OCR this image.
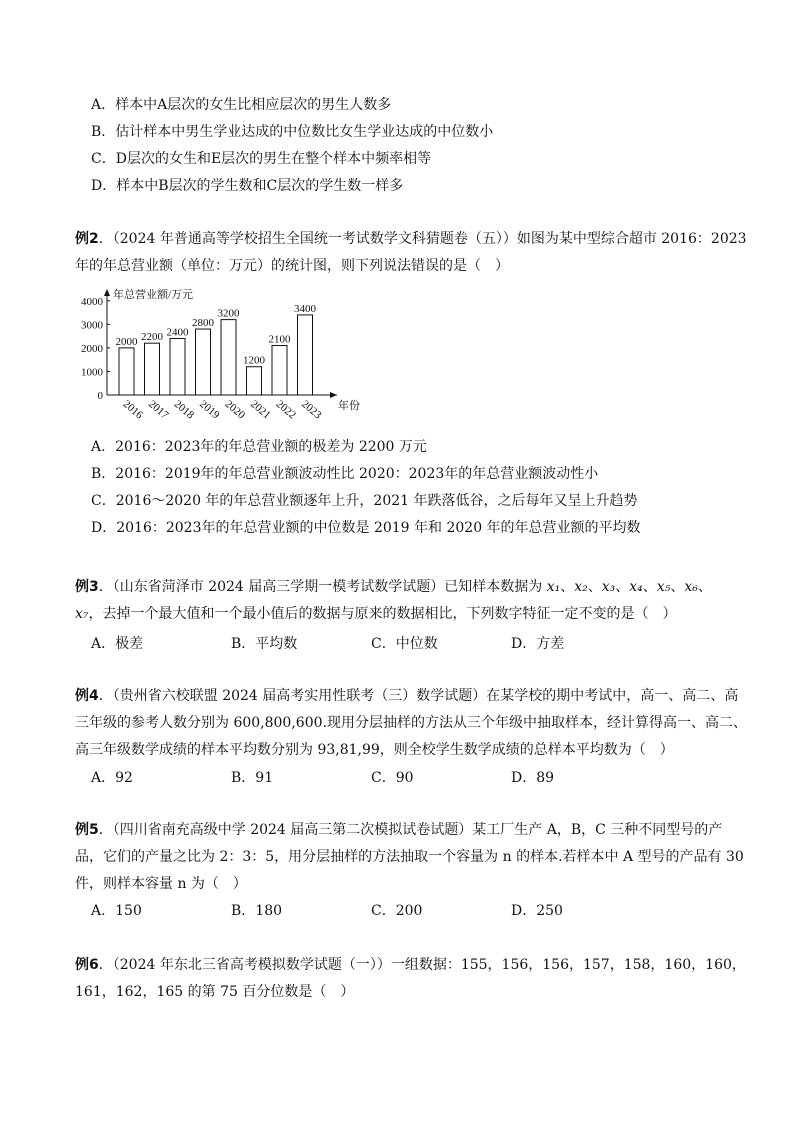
A．样本中A层次的女生比相应层次的男生人数多
B．估计样本中男生学业达成的中位数比女生学业达成的中位数小
C．D层次的女生和E层次的男生在整个样本中频率相等
D．样本中B层次的学生数和C层次的学生数一样多
例2．（2024 年普通高等学校招生全国统一考试数学文科猜题卷（五））如图为某中型综合超市 2016：2023
年的年总营业额（单位：万元）的统计图，则下列说法错误的是（　）
0
1000
2000
3000
4000
年总营业额/万元
年份
2000
2016
2200
2017
2400
2018
2800
2019
3200
2020
1200
2021
2100
2022
3400
2023
A．2016：2023年的年总营业额的极差为 2200 万元
B．2016：2019年的年总营业额波动性比 2020：2023年的年总营业额波动性小
C．2016～2020 年的年总营业额逐年上升，2021 年跌落低谷，之后每年又呈上升趋势
D．2016：2023年的年总营业额的中位数是 2019 年和 2020 年的年总营业额的平均数
例3．（山东省菏泽市 2024 届高三学期一模考试数学试题）已知样本数据为 x₁、x₂、x₃、x₄、x₅、x₆、
x₇，去掉一个最大值和一个最小值后的数据与原来的数据相比，下列数字特征一定不变的是（　）
A．极差	B．平均数	C．中位数	D．方差
例4．（贵州省六校联盟 2024 届高考实用性联考（三）数学试题）在某学校的期中考试中，高一、高二、高
三年级的参考人数分别为 600,800,600.现用分层抽样的方法从三个年级中抽取样本，经计算得高一、高二、
高三年级数学成绩的样本平均数分别为 93,81,99，则全校学生数学成绩的总样本平均数为（　）
A．92	B．91	C．90	D．89
例5．（四川省南充高级中学 2024 届高三第二次模拟试卷试题）某工厂生产 A，B，C 三种不同型号的产
品，它们的产量之比为 2：3：5，用分层抽样的方法抽取一个容量为 n 的样本.若样本中 A 型号的产品有 30
件，则样本容量 n 为（　）
A．150	B．180	C．200	D．250
例6．（2024 年东北三省高考模拟数学试题（一））一组数据：155，156，156，157，158，160，160，
161，162，165 的第 75 百分位数是（　）
